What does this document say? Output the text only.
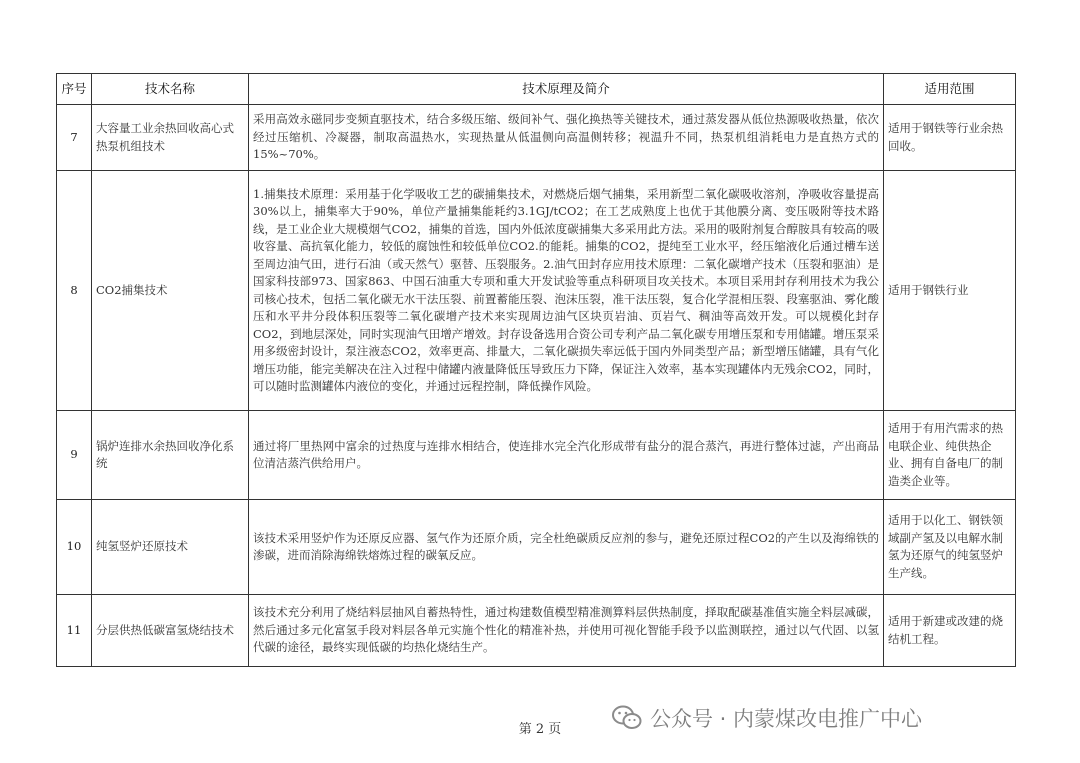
序号	技术名称	技术原理及简介	适用范围
7	大容量工业余热回收高心式热泵机组技术	采用高效永磁同步变频直驱技术，结合多级压缩、级间补气、强化换热等关键技术，通过蒸发器从低位热源吸收热量，依次经过压缩机、冷凝器，制取高温热水，实现热量从低温侧向高温侧转移；视温升不同，热泵机组消耗电力是直热方式的15%~70%。	适用于钢铁等行业余热回收。
8	CO2捕集技术	1.捕集技术原理：采用基于化学吸收工艺的碳捕集技术，对燃烧后烟气捕集，采用新型二氧化碳吸收溶剂，净吸收容量提高30%以上，捕集率大于90%，单位产量捕集能耗约3.1GJ/tCO2；在工艺成熟度上也优于其他膜分离、变压吸附等技术路线，是工业企业大规模烟气CO2，捕集的首选，国内外低浓度碳捕集大多采用此方法。采用的吸附剂复合醇胺具有较高的吸收容量、高抗氧化能力，较低的腐蚀性和较低单位CO2.的能耗。捕集的CO2，提纯至工业水平，经压缩液化后通过槽车送至周边油气田，进行石油（或天然气）驱替、压裂服务。2.油气田封存应用技术原理：二氧化碳增产技术（压裂和驱油）是国家科技部973、国家863、中国石油重大专项和重大开发试验等重点科研项目攻关技术。本项目采用封存利用技术为我公司核心技术，包括二氧化碳无水干法压裂、前置蓄能压裂、泡沫压裂，准干法压裂，复合化学混相压裂、段塞驱油、雾化酸压和水平井分段体积压裂等二氧化碳增产技术来实现周边油气区块页岩油、页岩气、稠油等高效开发。可以规模化封存CO2，到地层深处，同时实现油气田增产增效。封存设备选用合资公司专利产品二氧化碳专用增压泵和专用储罐。增压泵采用多级密封设计，泵注液态CO2，效率更高、排量大，二氧化碳损失率远低于国内外同类型产品；新型增压储罐，具有气化增压功能，能完美解决在注入过程中储罐内液量降低压导致压力下降，保证注入效率，基本实现罐体内无残余CO2，同时，可以随时监测罐体内液位的变化，并通过远程控制，降低操作风险。	适用于钢铁行业
9	锅炉连排水余热回收净化系统	通过将厂里热网中富余的过热度与连排水相结合，使连排水完全汽化形成带有盐分的混合蒸汽，再进行整体过滤，产出商品位清洁蒸汽供给用户。	适用于有用汽需求的热电联企业、纯供热企业、拥有自备电厂的制造类企业等。
10	纯氢竖炉还原技术	该技术采用竖炉作为还原反应器、氢气作为还原介质，完全杜绝碳质反应剂的参与，避免还原过程CO2的产生以及海绵铁的渗碳，进而消除海绵铁熔炼过程的碳氧反应。	适用于以化工、钢铁领域副产氢及以电解水制氢为还原气的纯氢竖炉生产线。
11	分层供热低碳富氢烧结技术	该技术充分利用了烧结料层抽风自蓄热特性，通过构建数值模型精准测算料层供热制度，择取配碳基准值实施全料层减碳，然后通过多元化富氢手段对料层各单元实施个性化的精准补热，并使用可视化智能手段予以监测联控，通过以气代固、以氢代碳的途径，最终实现低碳的均热化烧结生产。	适用于新建或改建的烧结机工程。
第 2 页	公众号 · 内蒙煤改电推广中心
